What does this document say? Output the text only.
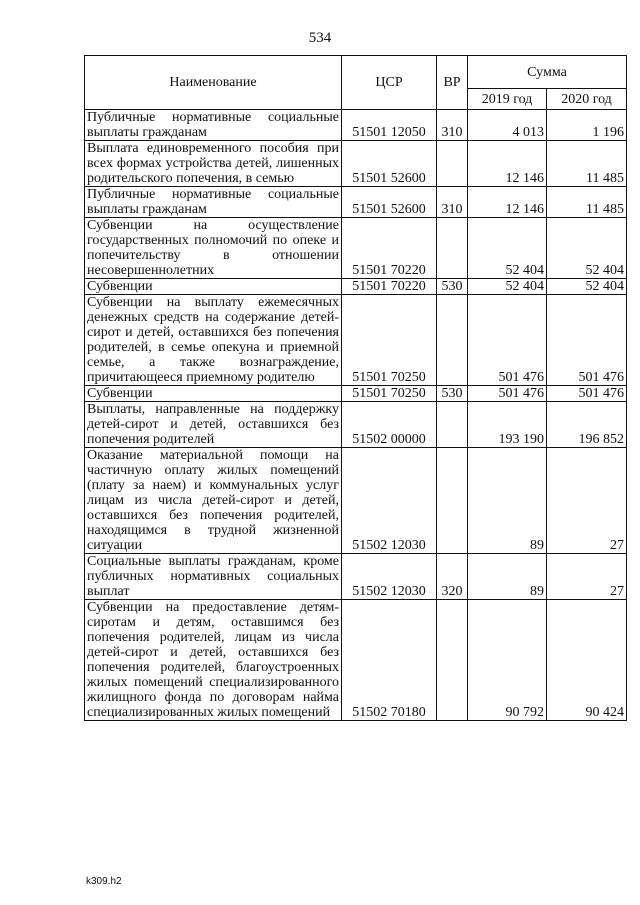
534
Наименование	ЦСР	ВР	Сумма	
			2019 год	2020 год
Публичные нормативные социальные выплаты гражданам	51501 12050	310	4 013	1 196
Выплата единовременного пособия при всех формах устройства детей, лишенных родительского попечения, в семью	51501 52600		12 146	11 485
Публичные нормативные социальные выплаты гражданам	51501 52600	310	12 146	11 485
Субвенции на осуществление государственных полномочий по опеке и попечительству в отношении несовершеннолетних	51501 70220		52 404	52 404
Субвенции	51501 70220	530	52 404	52 404
Субвенции на выплату ежемесячных денежных средств на содержание детей-сирот и детей, оставшихся без попечения родителей, в семье опекуна и приемной семье, а также вознаграждение, причитающееся приемному родителю	51501 70250		501 476	501 476
Субвенции	51501 70250	530	501 476	501 476
Выплаты, направленные на поддержку детей-сирот и детей, оставшихся без попечения родителей	51502 00000		193 190	196 852
Оказание материальной помощи на частичную оплату жилых помещений (плату за наем) и коммунальных услуг лицам из числа детей-сирот и детей, оставшихся без попечения родителей, находящимся в трудной жизненной ситуации	51502 12030		89	27
Социальные выплаты гражданам, кроме публичных нормативных социальных выплат	51502 12030	320	89	27
Субвенции на предоставление детям-сиротам и детям, оставшимся без попечения родителей, лицам из числа детей-сирот и детей, оставшихся без попечения родителей, благоустроенных жилых помещений специализированного жилищного фонда по договорам найма специализированных жилых помещений	51502 70180		90 792	90 424
k309.h2
